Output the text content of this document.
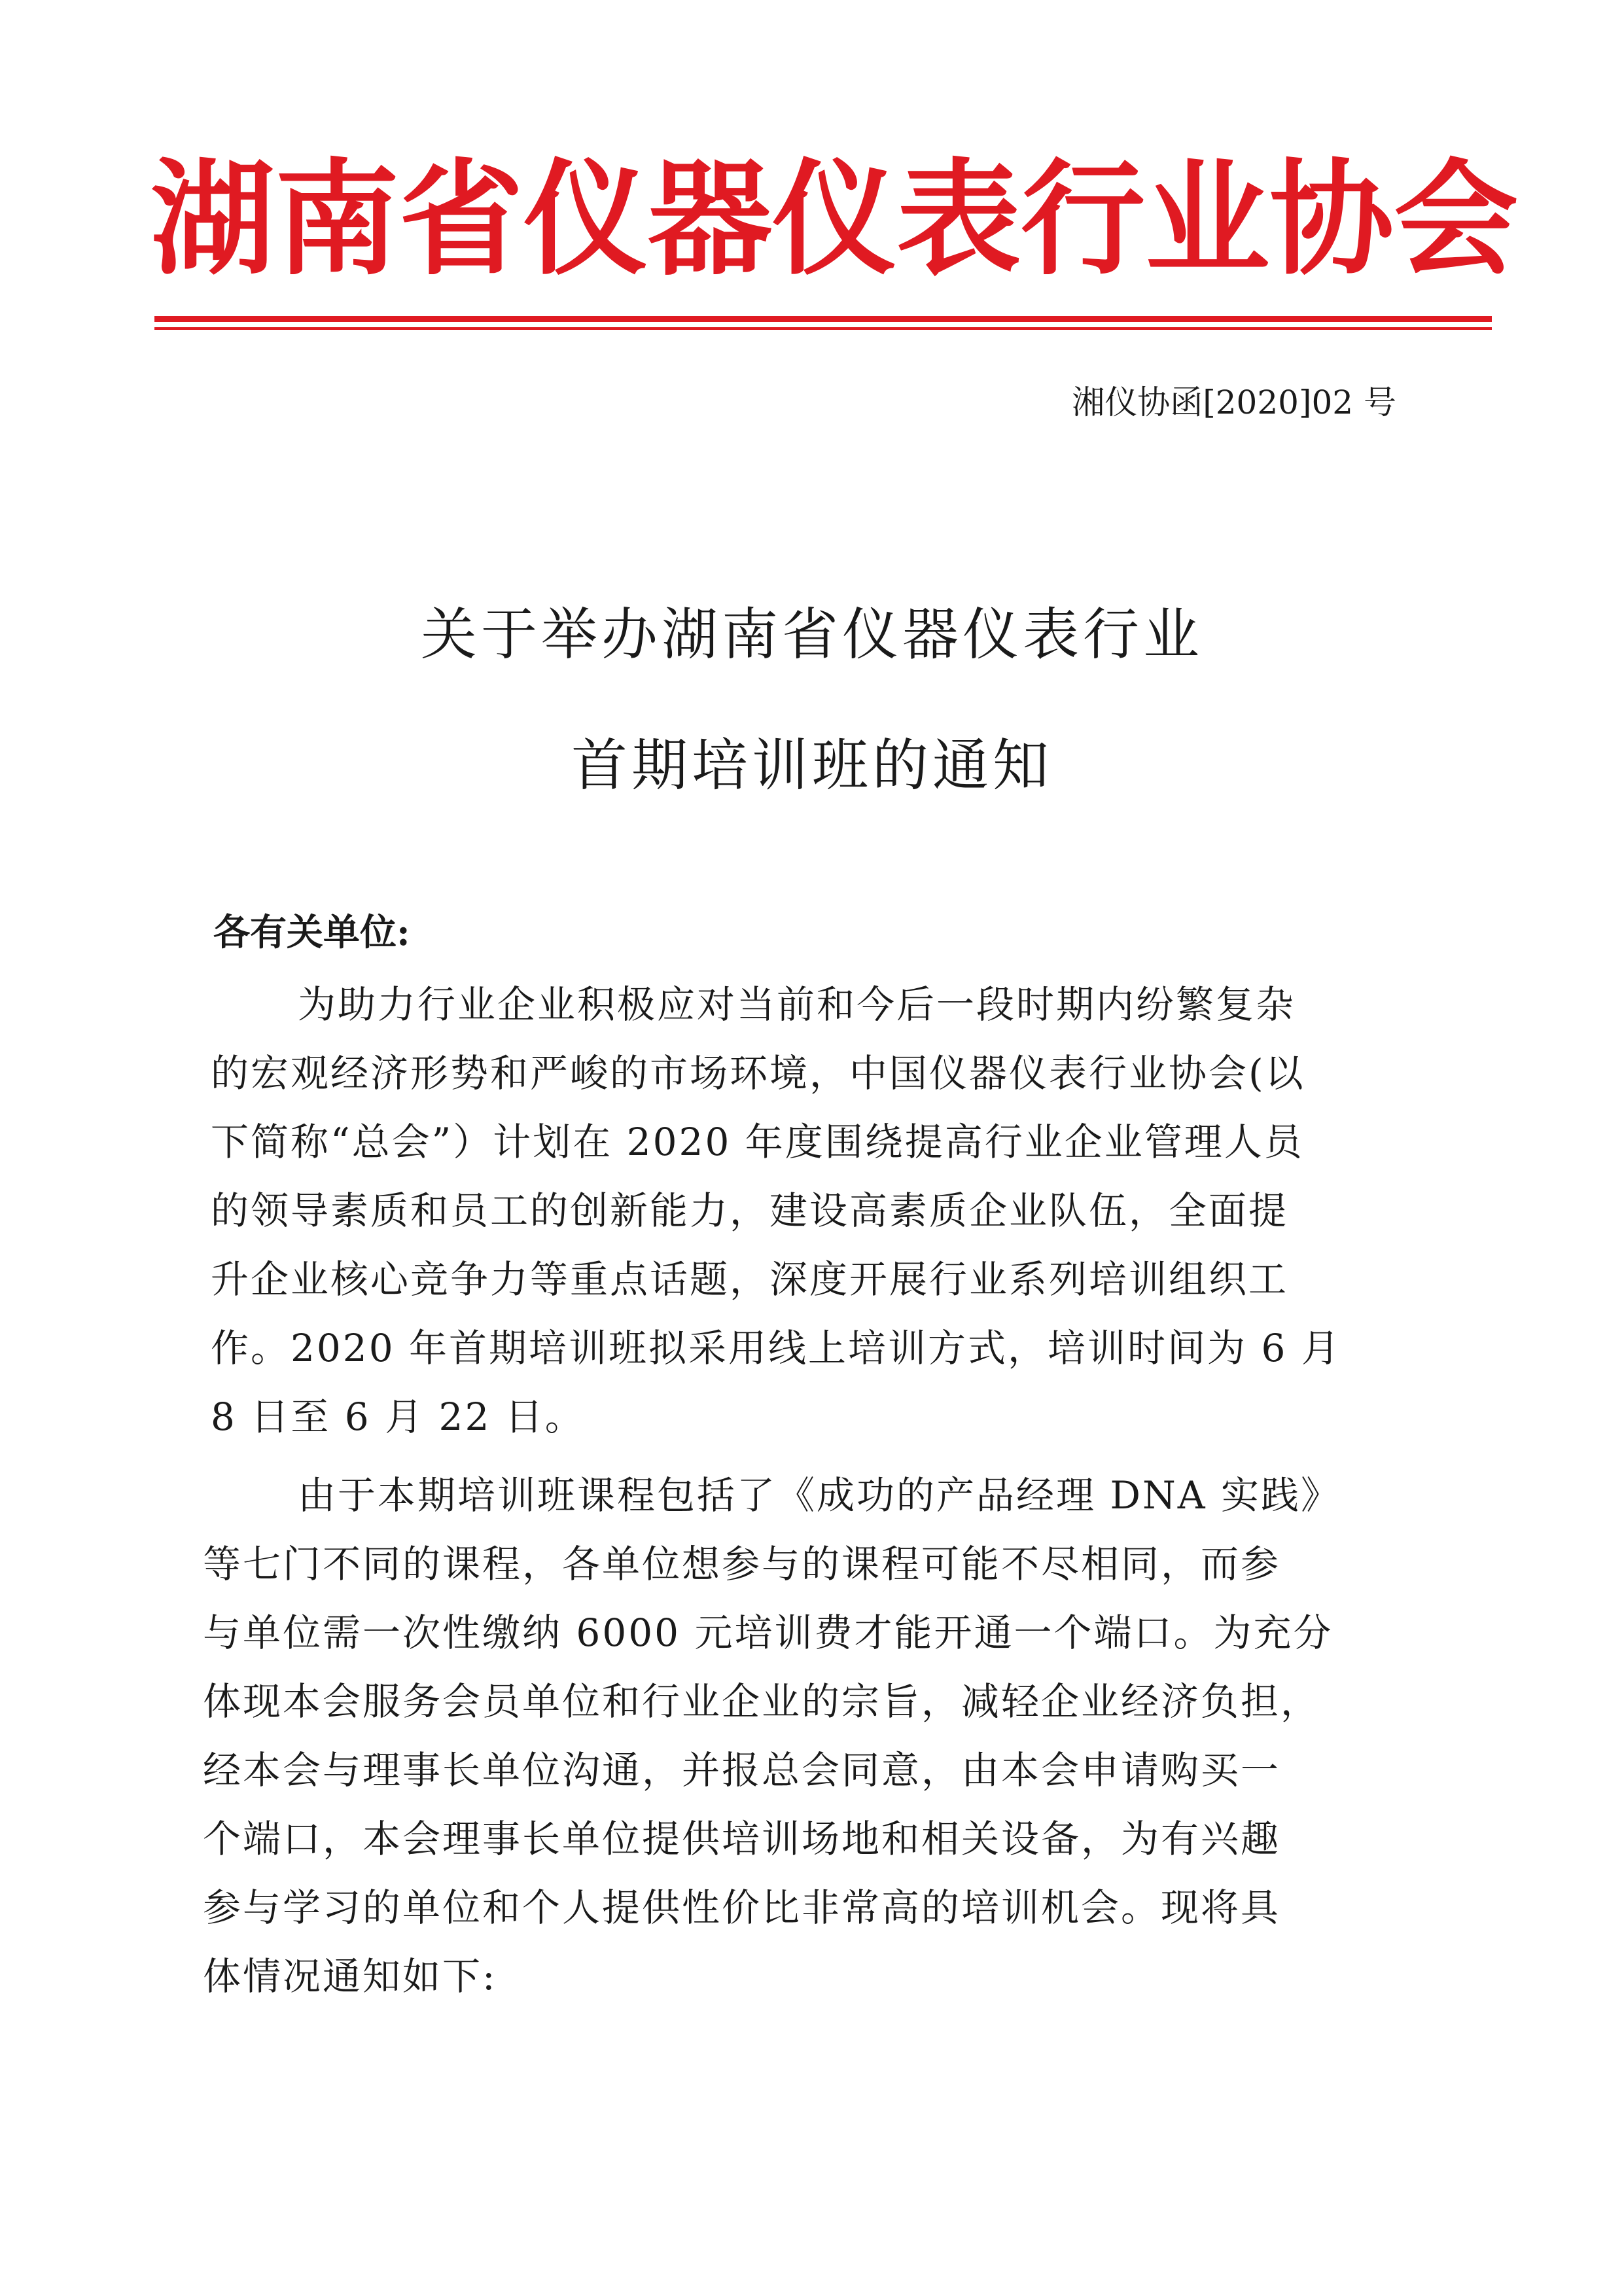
湖 南 省 仪 器 仪 表 行 业 协 会
湘仪协函[2020]02 号
关于举办湖南省仪器仪表行业
首期培训班的通知
各有关单位:
为助力行业企业积极应对当前和今后一段时期内纷繁复杂
的宏观经济形势和严峻的市场环境，中国仪器仪表行业协会(以
下简称“总会”）计划在 2020 年度围绕提高行业企业管理人员
的领导素质和员工的创新能力，建设高素质企业队伍，全面提
升企业核心竞争力等重点话题，深度开展行业系列培训组织工
作。2020 年首期培训班拟采用线上培训方式，培训时间为 6 月
8 日至 6 月 22 日。
由于本期培训班课程包括了《成功的产品经理 DNA 实践》
等七门不同的课程，各单位想参与的课程可能不尽相同，而参
与单位需一次性缴纳 6000 元培训费才能开通一个端口。为充分
体现本会服务会员单位和行业企业的宗旨，减轻企业经济负担，
经本会与理事长单位沟通，并报总会同意，由本会申请购买一
个端口，本会理事长单位提供培训场地和相关设备，为有兴趣
参与学习的单位和个人提供性价比非常高的培训机会。现将具
体情况通知如下:
